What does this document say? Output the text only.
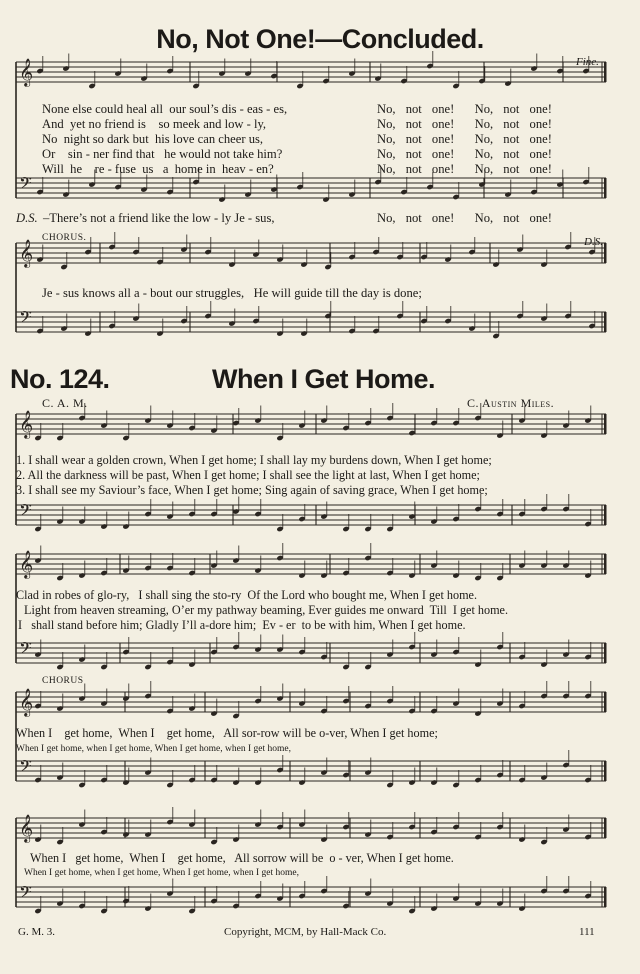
𝄞
𝄢
𝄞
𝄢
𝄞
𝄢
𝄞
𝄢
𝄞
𝄢
𝄞
𝄢
No, Not One!—Concluded.
Fine.
None else could heal all  our soul’s dis - eas - es,
And  yet no friend is    so meek and low - ly,
No  night so dark but  his love can cheer us,
Or    sin - ner find that   he would not take him?
Will  he    re - fuse  us   a  home in  heav - en?
No, not one!  No, not one!
No, not one!  No, not one!
No, not one!  No, not one!
No, not one!  No, not one!
No, not one!  No, not one!
D.S. –There’s not a friend like the low - ly Je - sus,	No, not one!  No, not one!
CHORUS.	D.S.
Je - sus knows all a - bout our struggles,   He will guide till the day is done;
No. 124.	When I Get Home.
C. A. M.	C. Austin Miles.
1. I shall wear a golden crown, When I get home; I shall lay my burdens down, When I get home;
2. All the darkness will be past, When I get home; I shall see the light at last, When I get home;
3. I shall see my Saviour’s face, When I get home; Sing again of saving grace, When I get home;
Clad in robes of glo-ry,   I shall sing the sto-ry  Of the Lord who bought me, When I get home.
Light from heaven streaming, O’er my pathway beaming, Ever guides me onward  Till  I get home.
I   shall stand before him; Gladly I’ll a-dore him;  Ev - er  to be with him, When I get home.
CHORUS
When I    get home,  When I    get home,   All sor-row will be o-ver, When I get home;
When I get home, when I get home, When I get home, when I get home,
When I   get home,  When I    get home,   All sorrow will be  o - ver, When I get home.
When I get home, when I get home, When I get home, when I get home,
G. M. 3.	Copyright, MCM, by Hall-Mack Co.	111
